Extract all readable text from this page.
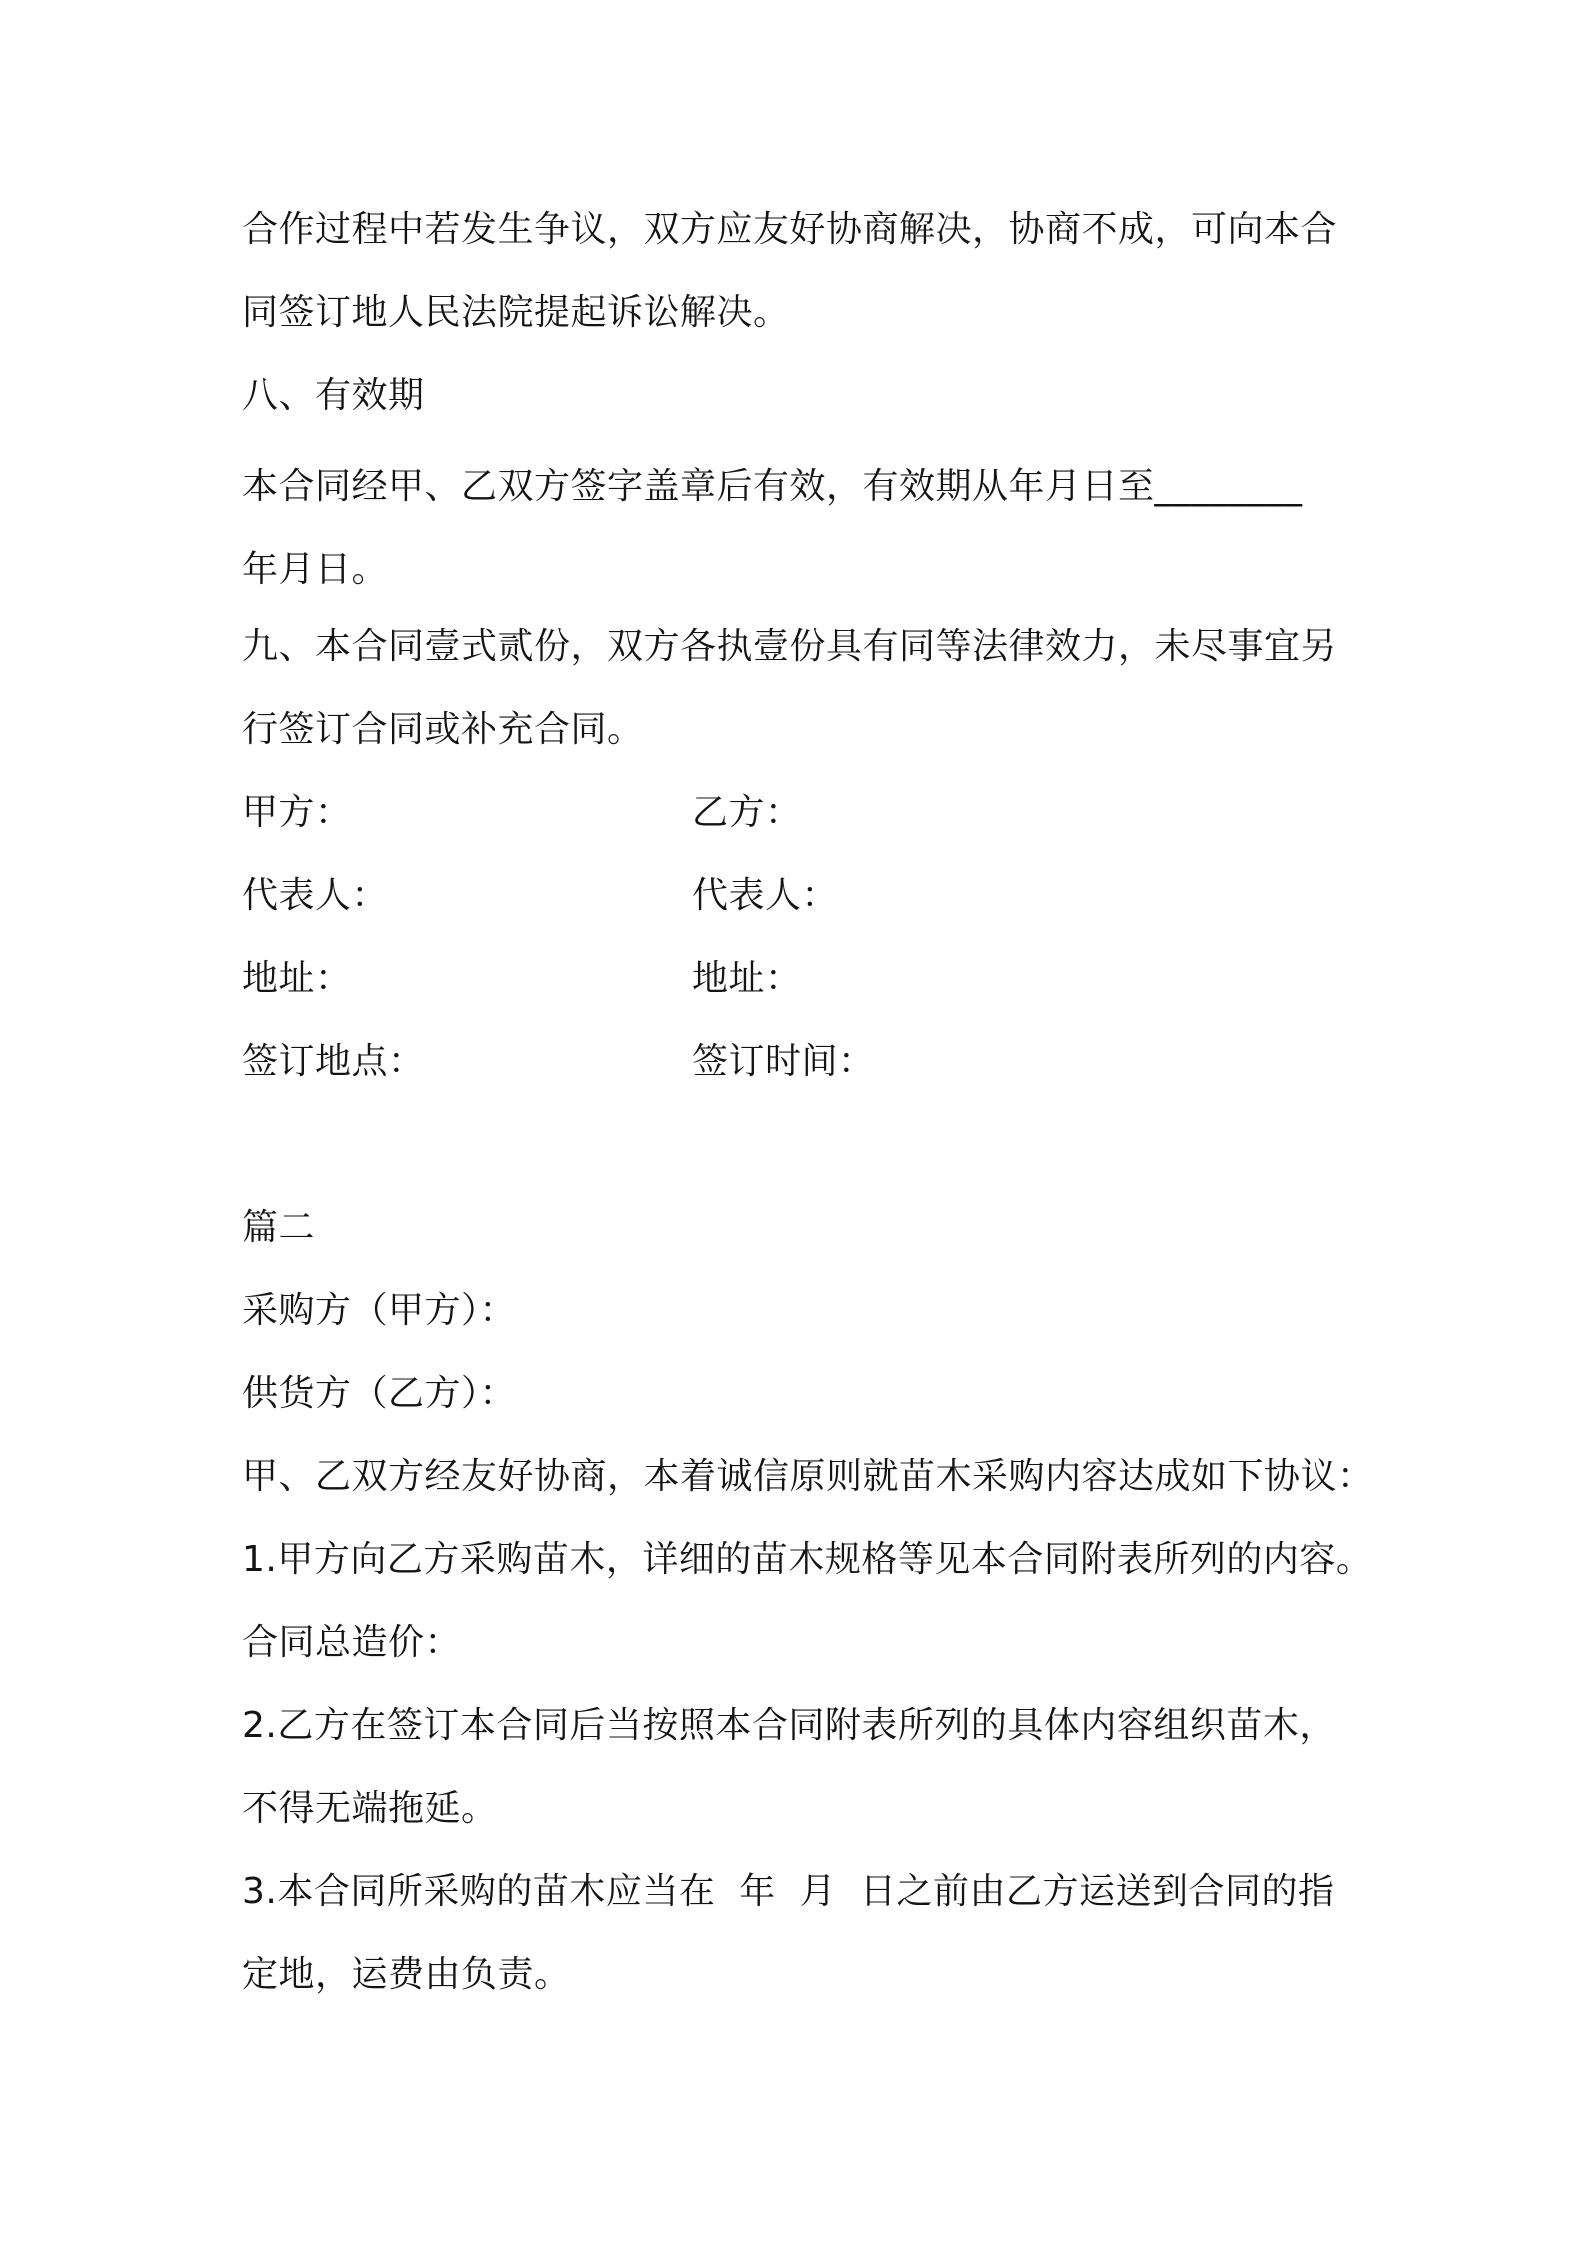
合作过程中若发生争议，双方应友好协商解决，协商不成，可向本合

同签订地人民法院提起诉讼解决。

八、有效期

本合同经甲、乙双方签字盖章后有效，有效期从年月日至________

年月日。

九、本合同壹式贰份，双方各执壹份具有同等法律效力，未尽事宜另

行签订合同或补充合同。

甲方：	乙方：

代表人：	代表人：

地址：	地址：

签订地点：	签订时间：

篇二

采购方（甲方）：

供货方（乙方）：

甲、乙双方经友好协商，本着诚信原则就苗木采购内容达成如下协议：

1.甲方向乙方采购苗木，详细的苗木规格等见本合同附表所列的内容。

合同总造价：

2.乙方在签订本合同后当按照本合同附表所列的具体内容组织苗木，

不得无端拖延。

3.本合同所采购的苗木应当在  年  月  日之前由乙方运送到合同的指

定地，运费由负责。
